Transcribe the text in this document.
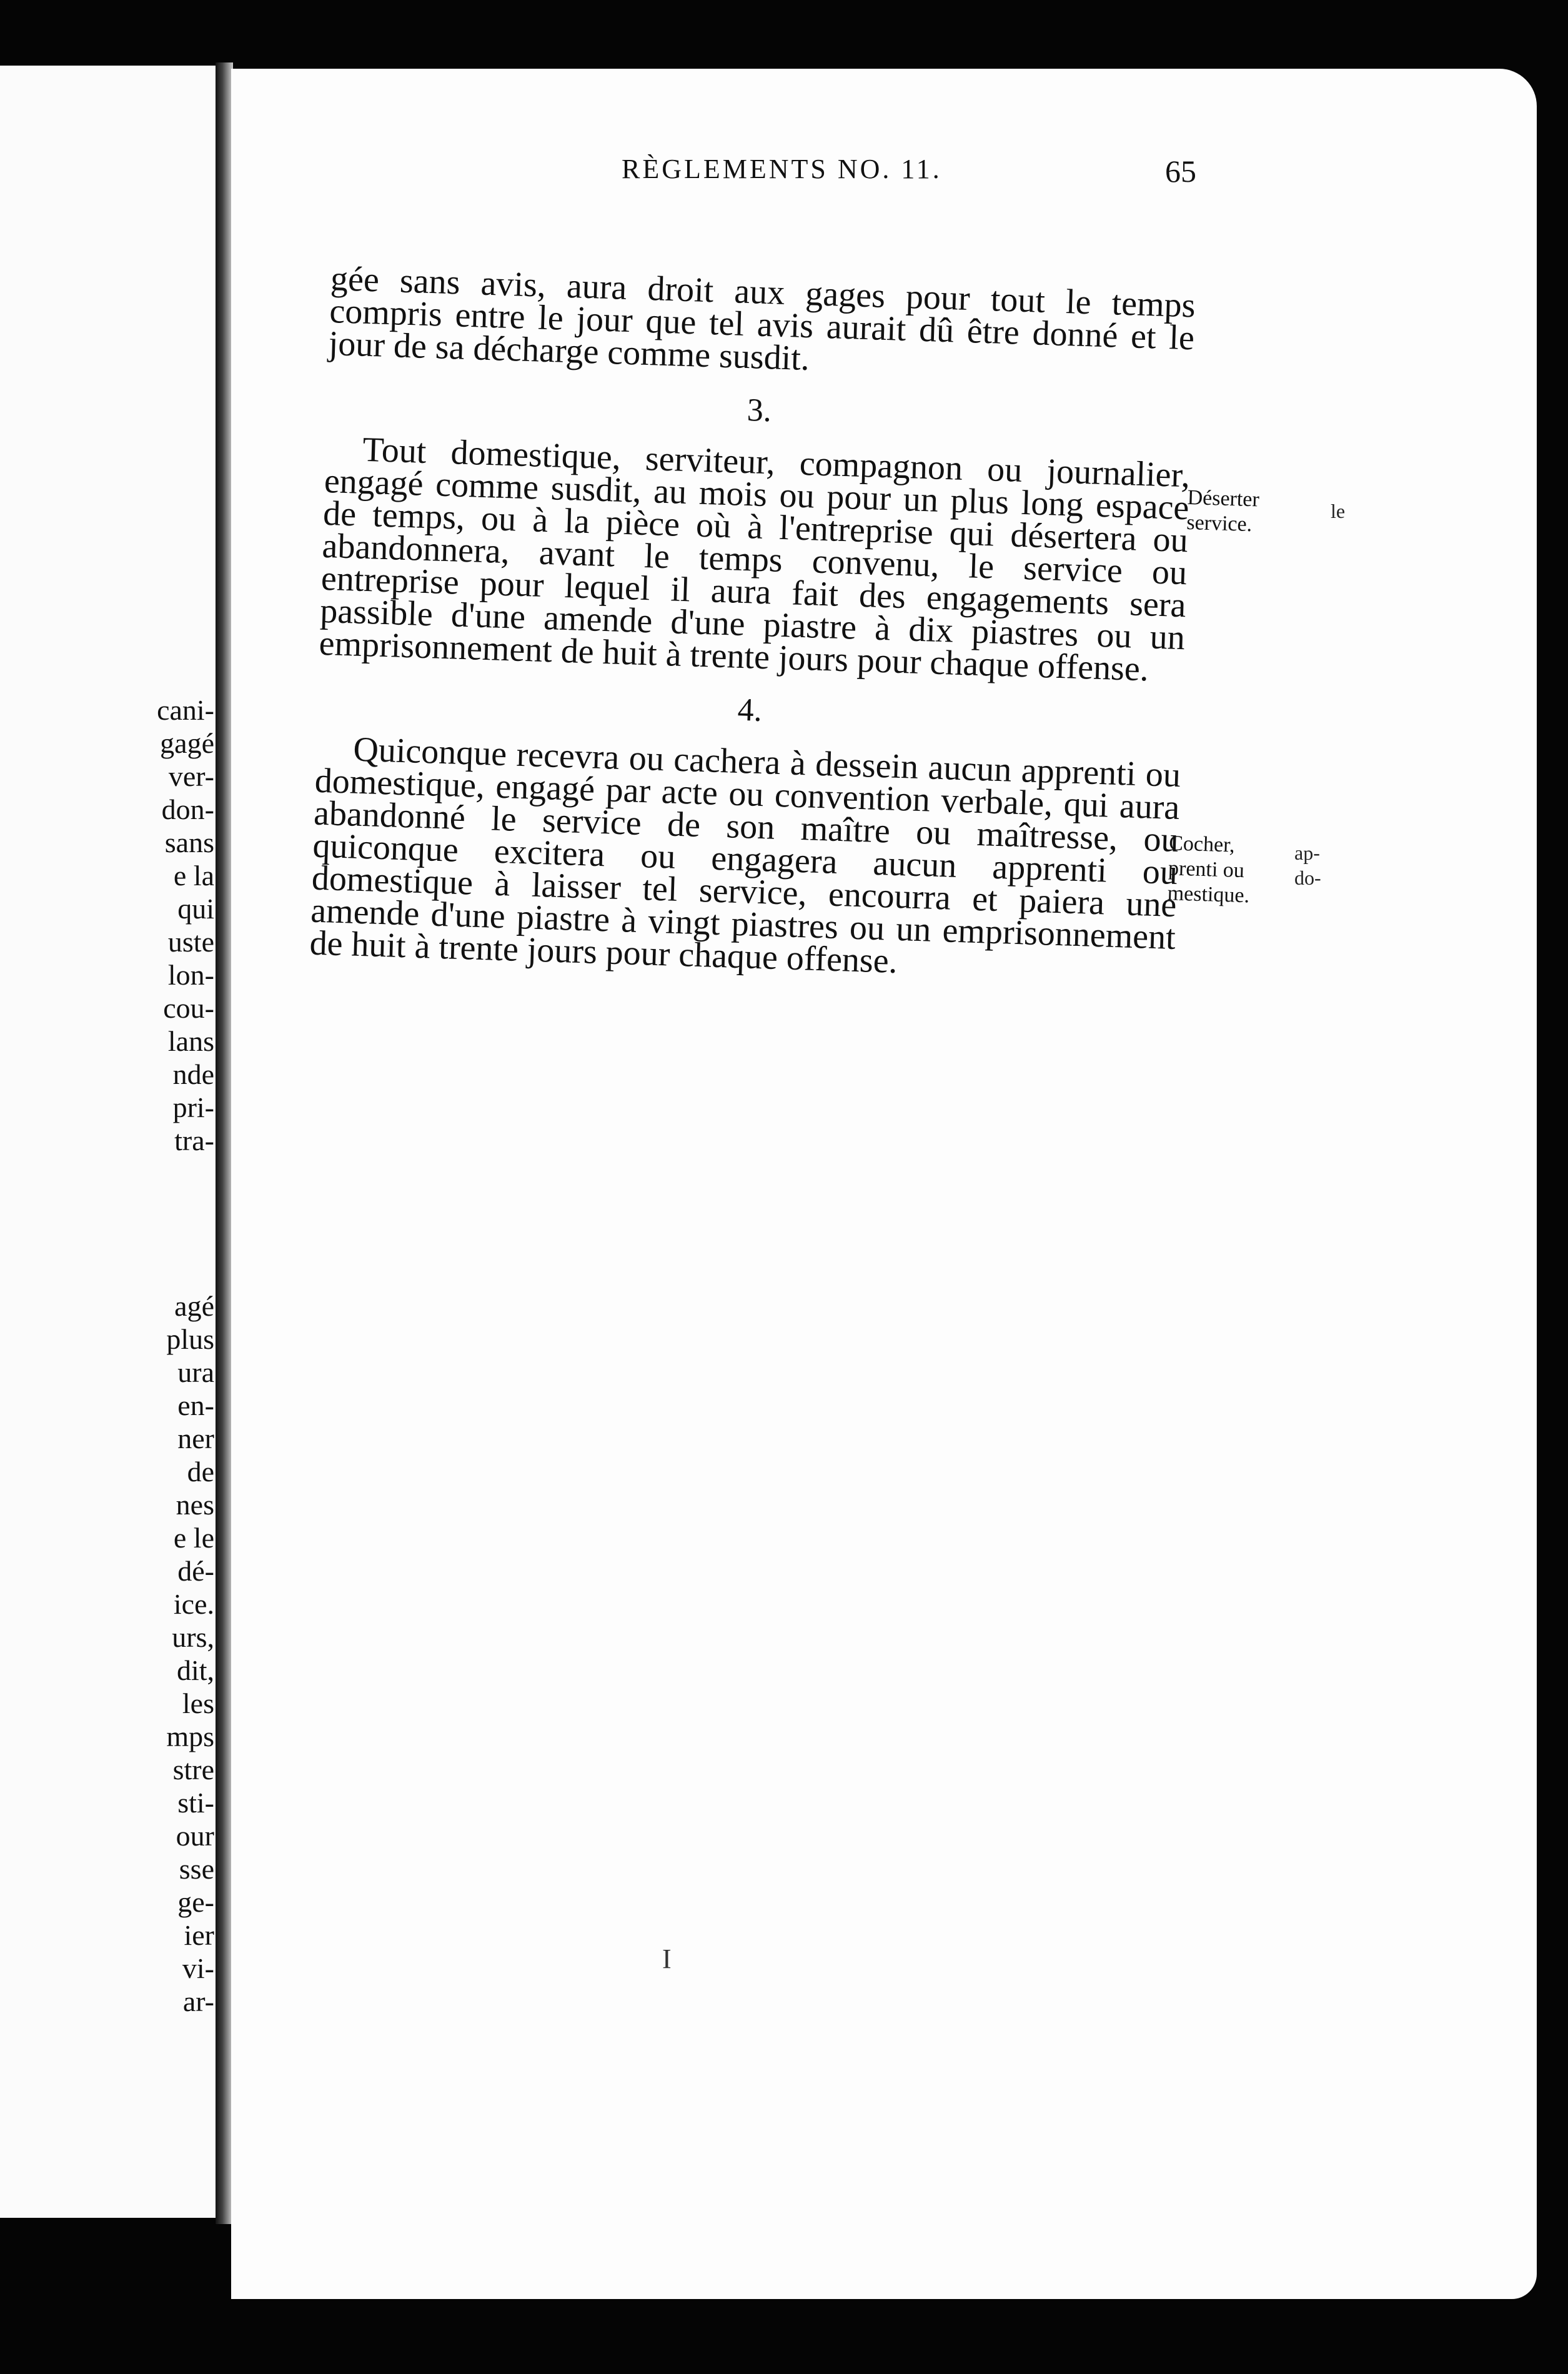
cani-
gagé
ver-
don-
sans
e la
qui
uste
lon-
cou-
lans
nde
pri-
tra-
agé
plus
ura
en-
ner
de
nes
e le
dé-
ice.
urs,
dit,
les
mps
stre
sti-
our
sse
ge-
ier
vi-
ar-
RÈGLEMENTS NO. 11.	65

gée sans avis, aura droit aux gages pour tout le temps compris entre le jour que tel avis aurait dû être donné et le jour de sa décharge comme susdit.

3.

Tout domestique, serviteur, compagnon ou journalier, engagé comme susdit, au mois ou pour un plus long espace de temps, ou à la pièce où à l'entreprise qui désertera ou abandonnera, avant le temps convenu, le service ou entreprise pour lequel il aura fait des engagements sera passible d'une amende d'une piastre à dix piastres ou un emprisonnement de huit à trente jours pour chaque offense.

4.

Quiconque recevra ou cachera à dessein aucun apprenti ou domestique, engagé par acte ou convention verbale, qui aura abandonné le service de son maître ou maîtresse, ou quiconque excitera ou engagera aucun apprenti ou domestique à laisser tel service, encourra et paiera une amende d'une piastre à vingt piastres ou un emprisonnement de huit à trente jours pour chaque offense.

Déserter
service.
Cocher,
prenti ou
mestique.
le
ap-
do-
I
